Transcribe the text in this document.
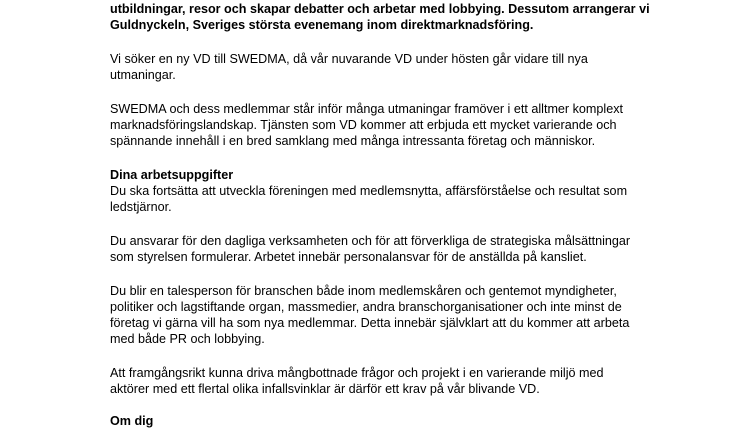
utbildningar, resor och skapar debatter och arbetar med lobbying. Dessutom arrangerar vi
Guldnyckeln, Sveriges största evenemang inom direktmarknadsföring.
Vi söker en ny VD till SWEDMA, då vår nuvarande VD under hösten går vidare till nya
utmaningar.
SWEDMA och dess medlemmar står inför många utmaningar framöver i ett alltmer komplext
marknadsföringslandskap. Tjänsten som VD kommer att erbjuda ett mycket varierande och
spännande innehåll i en bred samklang med många intressanta företag och människor.
Dina arbetsuppgifter
Du ska fortsätta att utveckla föreningen med medlemsnytta, affärsförståelse och resultat som
ledstjärnor.
Du ansvarar för den dagliga verksamheten och för att förverkliga de strategiska målsättningar
som styrelsen formulerar. Arbetet innebär personalansvar för de anställda på kansliet.
Du blir en talesperson för branschen både inom medlemskåren och gentemot myndigheter,
politiker och lagstiftande organ, massmedier, andra branschorganisationer och inte minst de
företag vi gärna vill ha som nya medlemmar. Detta innebär självklart att du kommer att arbeta
med både PR och lobbying.
Att framgångsrikt kunna driva mångbottnade frågor och projekt i en varierande miljö med
aktörer med ett flertal olika infallsvinklar är därför ett krav på vår blivande VD.
Om dig
